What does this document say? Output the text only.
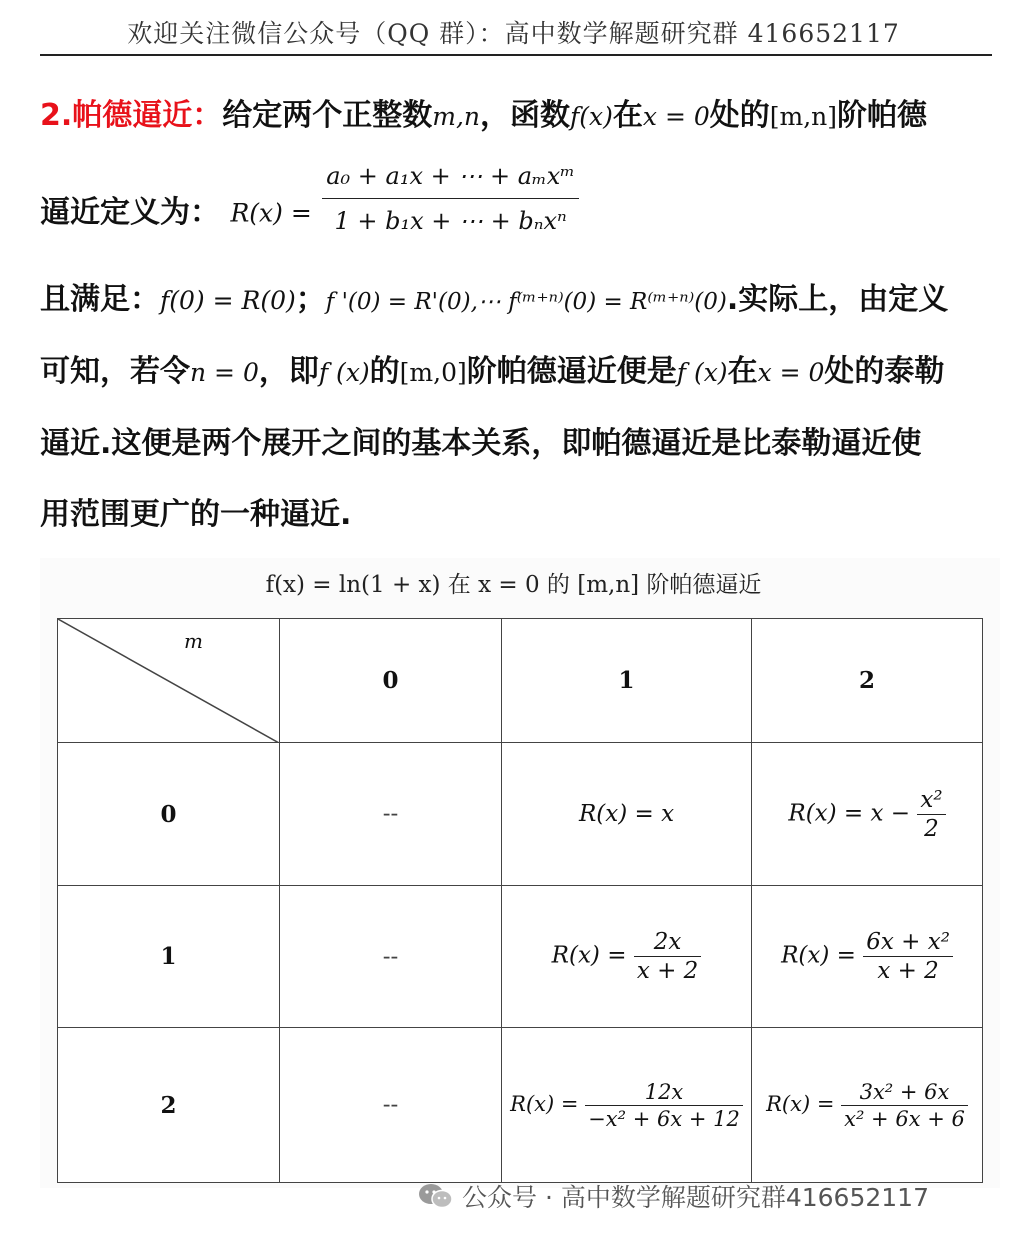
欢迎关注微信公众号（QQ 群）：高中数学解题研究群 416652117
2.帕德逼近：给定两个正整数m,n，函数f(x)在x = 0处的[m,n]阶帕德
逼近定义为： $R(x) = \frac{\text{a₀ + a₁x + ⋯ + aₘxᵐ}}{\text{1 + b₁x + ⋯ + bₙxⁿ}}$
且满足：f(0) = R(0)；f '(0) = R'(0),⋯ f⁽ᵐ⁺ⁿ⁾(0) = R⁽ᵐ⁺ⁿ⁾(0).实际上，由定义
可知，若令n = 0，即f (x)的[m,0]阶帕德逼近便是f (x)在x = 0处的泰勒
逼近.这便是两个展开之间的基本关系，即帕德逼近是比泰勒逼近使
用范围更广的一种逼近.
f(x) = ln(1 + x) 在 x = 0 的 [m,n] 阶帕德逼近
m	0	1	2
0	--	R(x) = x	$R(x) = x - \frac{\text{x²}}{2}$

1	--	$R(x) = \frac{2x}{x + 2}$	$R(x) = \frac{\text{6x + x²}}{x + 2}$

2	--	$R(x) = \frac{12x}{\text{−x² + 6x + 12}}$	$R(x) = \frac{\text{3x² + 6x}}{\text{x² + 6x + 6}}$
公众号 · 高中数学解题研究群416652117
